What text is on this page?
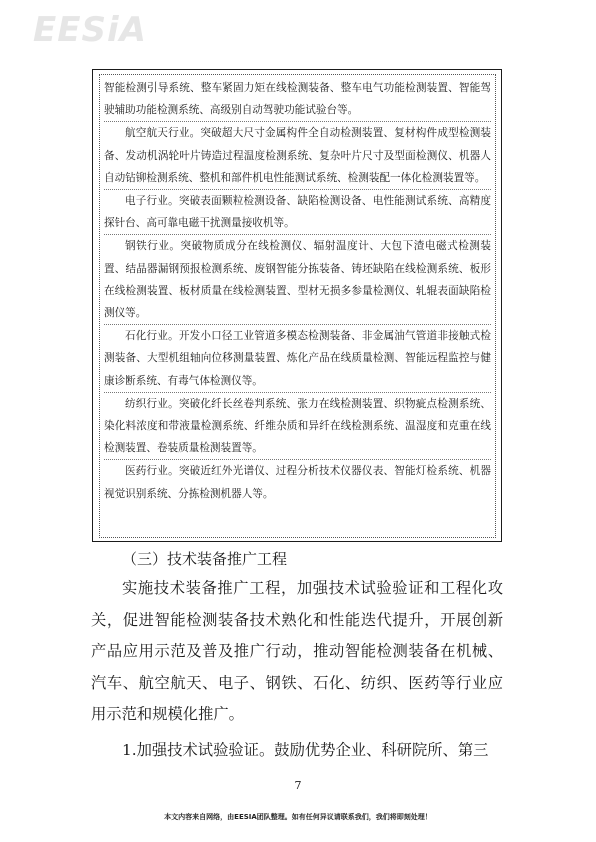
EESiA

智能检测引导系统、整车紧固力矩在线检测装备、整车电气功能检测装置、智能驾驶辅助功能检测系统、高级别自动驾驶功能试验台等。

航空航天行业。突破超大尺寸金属构件全自动检测装置、复材构件成型检测装备、发动机涡轮叶片铸造过程温度检测系统、复杂叶片尺寸及型面检测仪、机器人自动钻铆检测系统、整机和部件机电性能测试系统、检测装配一体化检测装置等。

电子行业。突破表面颗粒检测设备、缺陷检测设备、电性能测试系统、高精度探针台、高可靠电磁干扰测量接收机等。

钢铁行业。突破物质成分在线检测仪、辐射温度计、大包下渣电磁式检测装置、结晶器漏钢预报检测系统、废钢智能分拣装备、铸坯缺陷在线检测系统、板形在线检测装置、板材质量在线检测装置、型材无损多参量检测仪、轧辊表面缺陷检测仪等。

石化行业。开发小口径工业管道多模态检测装备、非金属油气管道非接触式检测装备、大型机组轴向位移测量装置、炼化产品在线质量检测、智能远程监控与健康诊断系统、有毒气体检测仪等。

纺织行业。突破化纤长丝卷判系统、张力在线检测装置、织物疵点检测系统、染化料浓度和带液量检测系统、纤维杂质和异纤在线检测系统、温湿度和克重在线检测装置、卷装质量检测装置等。

医药行业。突破近红外光谱仪、过程分析技术仪器仪表、智能灯检系统、机器视觉识别系统、分拣检测机器人等。

（三）技术装备推广工程

实施技术装备推广工程，加强技术试验验证和工程化攻关，促进智能检测装备技术熟化和性能迭代提升，开展创新产品应用示范及普及推广行动，推动智能检测装备在机械、汽车、航空航天、电子、钢铁、石化、纺织、医药等行业应用示范和规模化推广。

1.加强技术试验验证。鼓励优势企业、科研院所、第三

7
本文内容来自网络，由EESIA团队整理。如有任何异议请联系我们，我们将即刻处理！
